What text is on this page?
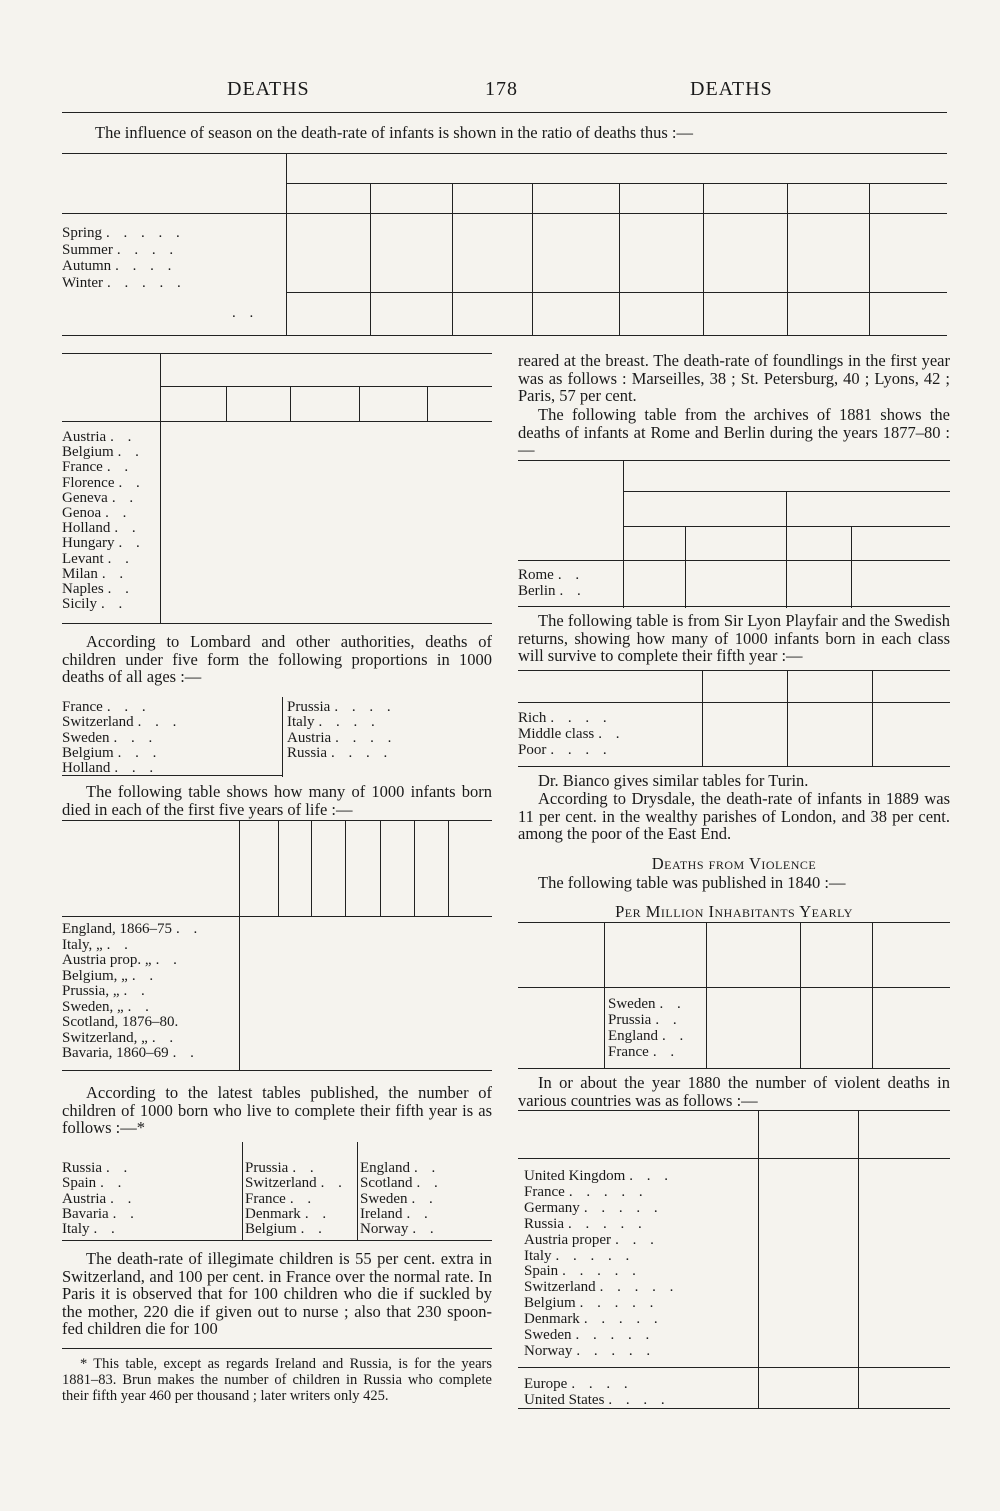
DEATHS	178	DEATHS
The influence of season on the death-rate of infants is shown in the ratio of deaths thus :—
Spring . . . . .
Summer . . . .
Autumn . . . .
Winter . . . . .
. .
Austria . .
Belgium . .
France . .
Florence . .
Geneva . .
Genoa . .
Holland . .
Hungary . .
Levant . .
Milan . .
Naples . .
Sicily . .
According to Lombard and other authorities, deaths of children under five form the following proportions in 1000 deaths of all ages :—
France . . .
Switzerland . . .
Sweden . . .
Belgium . . .
Holland . . .
Prussia . . . .
Italy . . . .
Austria . . . .
Russia . . . .
The following table shows how many of 1000 infants born died in each of the first five years of life :—
England, 1866–75 . .
Italy, „ . .
Austria prop. „ . .
Belgium, „ . .
Prussia, „ . .
Sweden, „ . .
Scotland, 1876–80.
Switzerland, „ . .
Bavaria, 1860–69 . .
According to the latest tables published, the number of children of 1000 born who live to complete their fifth year is as follows :—*
Russia . .
Spain . .
Austria . .
Bavaria . .
Italy . .
Prussia . .
Switzerland . .
France . .
Denmark . .
Belgium . .
England . .
Scotland . .
Sweden . .
Ireland . .
Norway . .
The death-rate of illegimate children is 55 per cent. extra in Switzerland, and 100 per cent. in France over the normal rate. In Paris it is observed that for 100 children who die if suckled by the mother, 220 die if given out to nurse ; also that 230 spoon-fed children die for 100
* This table, except as regards Ireland and Russia, is for the years 1881–83. Brun makes the number of children in Russia who complete their fifth year 460 per thousand ; later writers only 425.
reared at the breast. The death-rate of foundlings in the first year was as follows : Marseilles, 38 ; St. Petersburg, 40 ; Lyons, 42 ; Paris, 57 per cent.
The following table from the archives of 1881 shows the deaths of infants at Rome and Berlin during the years 1877–80 :—
Rome . .
Berlin . .
The following table is from Sir Lyon Playfair and the Swedish returns, showing how many of 1000 infants born in each class will survive to complete their fifth year :—
Rich . . . .
Middle class . .
Poor . . . .
Dr. Bianco gives similar tables for Turin.
According to Drysdale, the death-rate of infants in 1889 was 11 per cent. in the wealthy parishes of London, and 38 per cent. among the poor of the East End.
Deaths from Violence
The following table was published in 1840 :—
Per Million Inhabitants Yearly
Sweden . .
Prussia . .
England . .
France . .
In or about the year 1880 the number of violent deaths in various countries was as follows :—
United Kingdom . . .
France . . . . .
Germany . . . . .
Russia . . . . .
Austria proper . . .
Italy . . . . .
Spain . . . . .
Switzerland . . . . .
Belgium . . . . .
Denmark . . . . .
Sweden . . . . .
Norway . . . . .
Europe . . . .
United States . . . .
